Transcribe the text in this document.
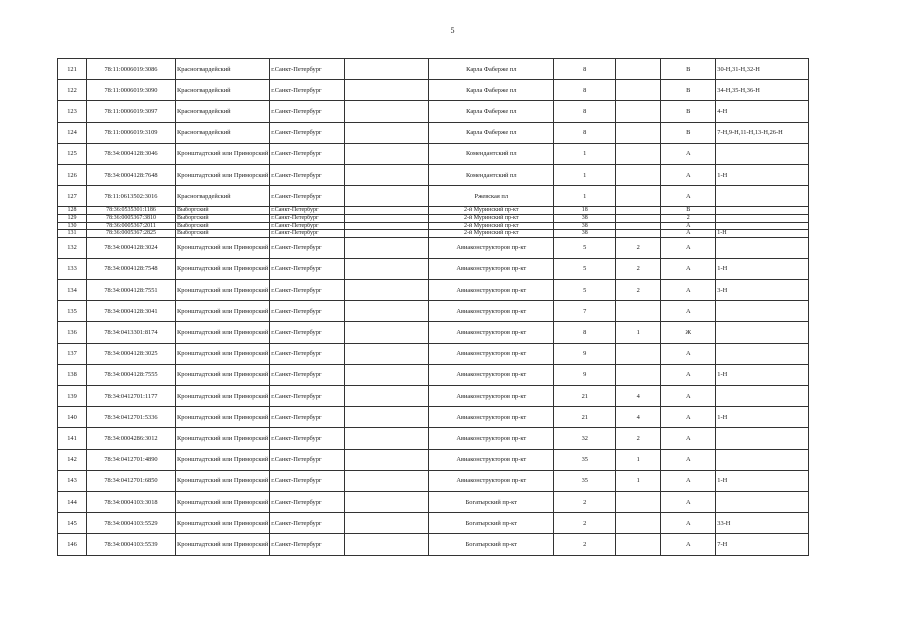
5
121	78:11:0006019:3086	Красногвардейский	г.Санкт-Петербург		Карла Фаберже пл	8		В	30-Н,31-Н,32-Н
122	78:11:0006019:3090	Красногвардейский	г.Санкт-Петербург		Карла Фаберже пл	8		В	34-Н,35-Н,36-Н
123	78:11:0006019:3097	Красногвардейский	г.Санкт-Петербург		Карла Фаберже пл	8		В	4-Н
124	78:11:0006019:3109	Красногвардейский	г.Санкт-Петербург		Карла Фаберже пл	8		В	7-Н,9-Н,11-Н,13-Н,26-Н
125	78:34:0004128:3046	Кронштадтский или Приморский	г.Санкт-Петербург		Комендантский пл	1		А	
126	78:34:0004128:7648	Кронштадтский или Приморский	г.Санкт-Петербург		Комендантский пл	1		А	1-Н
127	78:11:0613502:3016	Красногвардейский	г.Санкт-Петербург		Ржевская пл	1		А	
128	78:36:0535301:1186	Выборгский	г.Санкт-Петербург		2-й Муринский пр-кт	18		В	
129	78:36:0005367:3810	Выборгский	г.Санкт-Петербург		2-й Муринский пр-кт	38		2	
130	78:36:0005367:2011	Выборгский	г.Санкт-Петербург		2-й Муринский пр-кт	38		А	
131	78:36:0005367:2825	Выборгский	г.Санкт-Петербург		2-й Муринский пр-кт	38		А	1-Н
132	78:34:0004128:3024	Кронштадтский или Приморский	г.Санкт-Петербург		Авиаконструкторов пр-кт	5	2	А	
133	78:34:0004128:7548	Кронштадтский или Приморский	г.Санкт-Петербург		Авиаконструкторов пр-кт	5	2	А	1-Н
134	78:34:0004128:7551	Кронштадтский или Приморский	г.Санкт-Петербург		Авиаконструкторов пр-кт	5	2	А	3-Н
135	78:34:0004128:3041	Кронштадтский или Приморский	г.Санкт-Петербург		Авиаконструкторов пр-кт	7		А	
136	78:34:0413301:8174	Кронштадтский или Приморский	г.Санкт-Петербург		Авиаконструкторов пр-кт	8	1	Ж	
137	78:34:0004128:3025	Кронштадтский или Приморский	г.Санкт-Петербург		Авиаконструкторов пр-кт	9		А	
138	78:34:0004128:7555	Кронштадтский или Приморский	г.Санкт-Петербург		Авиаконструкторов пр-кт	9		А	1-Н
139	78:34:0412701:1177	Кронштадтский или Приморский	г.Санкт-Петербург		Авиаконструкторов пр-кт	21	4	А	
140	78:34:0412701:5336	Кронштадтский или Приморский	г.Санкт-Петербург		Авиаконструкторов пр-кт	21	4	А	1-Н
141	78:34:0004286:3012	Кронштадтский или Приморский	г.Санкт-Петербург		Авиаконструкторов пр-кт	32	2	А	
142	78:34:0412701:4890	Кронштадтский или Приморский	г.Санкт-Петербург		Авиаконструкторов пр-кт	35	1	А	
143	78:34:0412701:6850	Кронштадтский или Приморский	г.Санкт-Петербург		Авиаконструкторов пр-кт	35	1	А	1-Н
144	78:34:0004103:3018	Кронштадтский или Приморский	г.Санкт-Петербург		Богатырский пр-кт	2		А	
145	78:34:0004103:5529	Кронштадтский или Приморский	г.Санкт-Петербург		Богатырский пр-кт	2		А	33-Н
146	78:34:0004103:5539	Кронштадтский или Приморский	г.Санкт-Петербург		Богатырский пр-кт	2		А	7-Н
